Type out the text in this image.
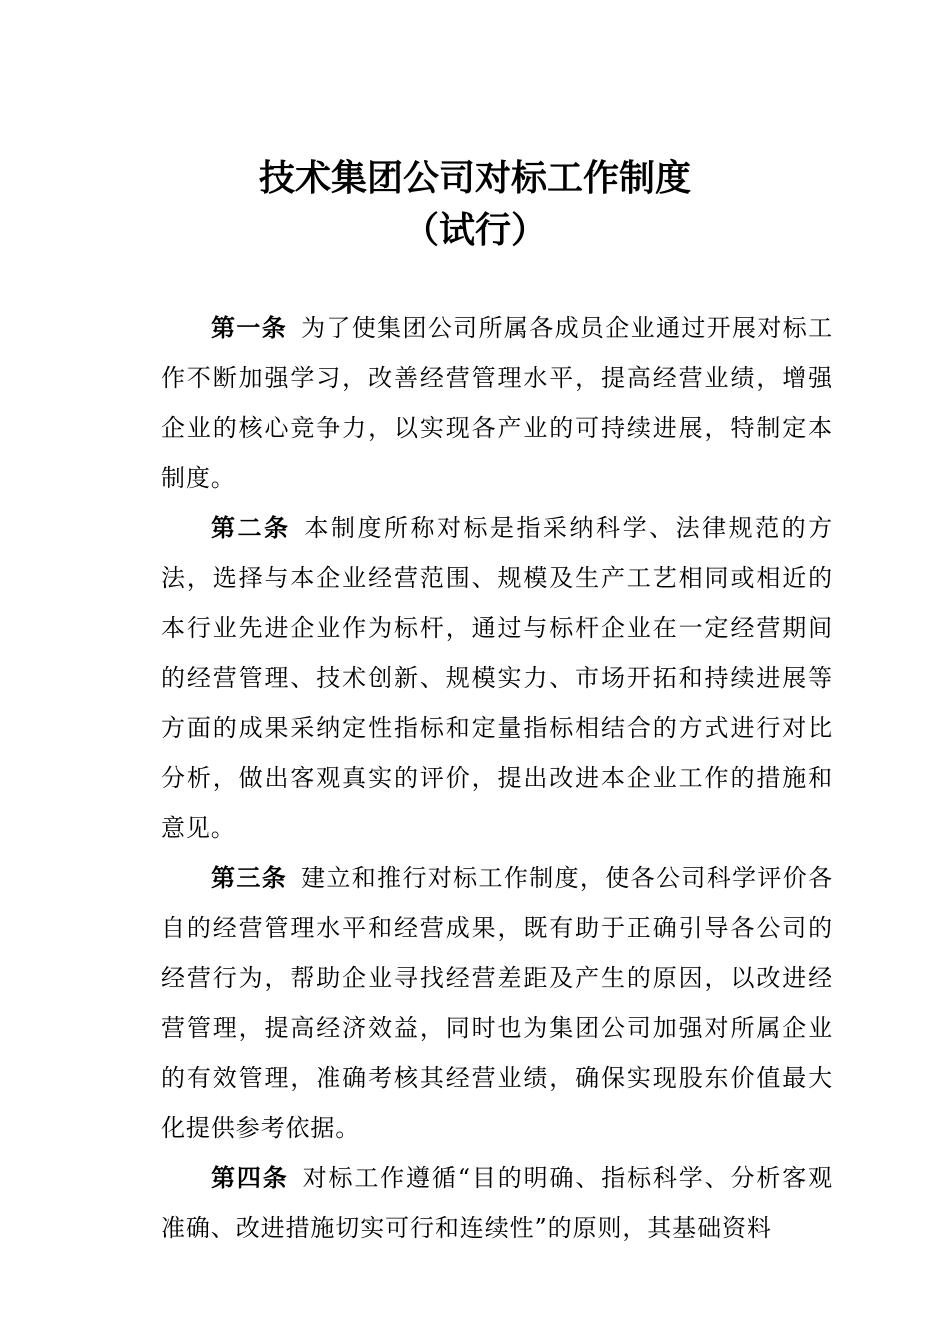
技术集团公司对标工作制度
（试行）

第一条 为了使集团公司所属各成员企业通过开展对标工作不断加强学习，改善经营管理水平，提高经营业绩，增强企业的核心竞争力，以实现各产业的可持续进展，特制定本制度。

第二条 本制度所称对标是指采纳科学、法律规范的方法，选择与本企业经营范围、规模及生产工艺相同或相近的本行业先进企业作为标杆，通过与标杆企业在一定经营期间的经营管理、技术创新、规模实力、市场开拓和持续进展等方面的成果采纳定性指标和定量指标相结合的方式进行对比分析，做出客观真实的评价，提出改进本企业工作的措施和意见。

第三条 建立和推行对标工作制度，使各公司科学评价各自的经营管理水平和经营成果，既有助于正确引导各公司的经营行为，帮助企业寻找经营差距及产生的原因，以改进经营管理，提高经济效益，同时也为集团公司加强对所属企业的有效管理，准确考核其经营业绩，确保实现股东价值最大化提供参考依据。

第四条 对标工作遵循“目的明确、指标科学、分析客观准确、改进措施切实可行和连续性”的原则，其基础资料
